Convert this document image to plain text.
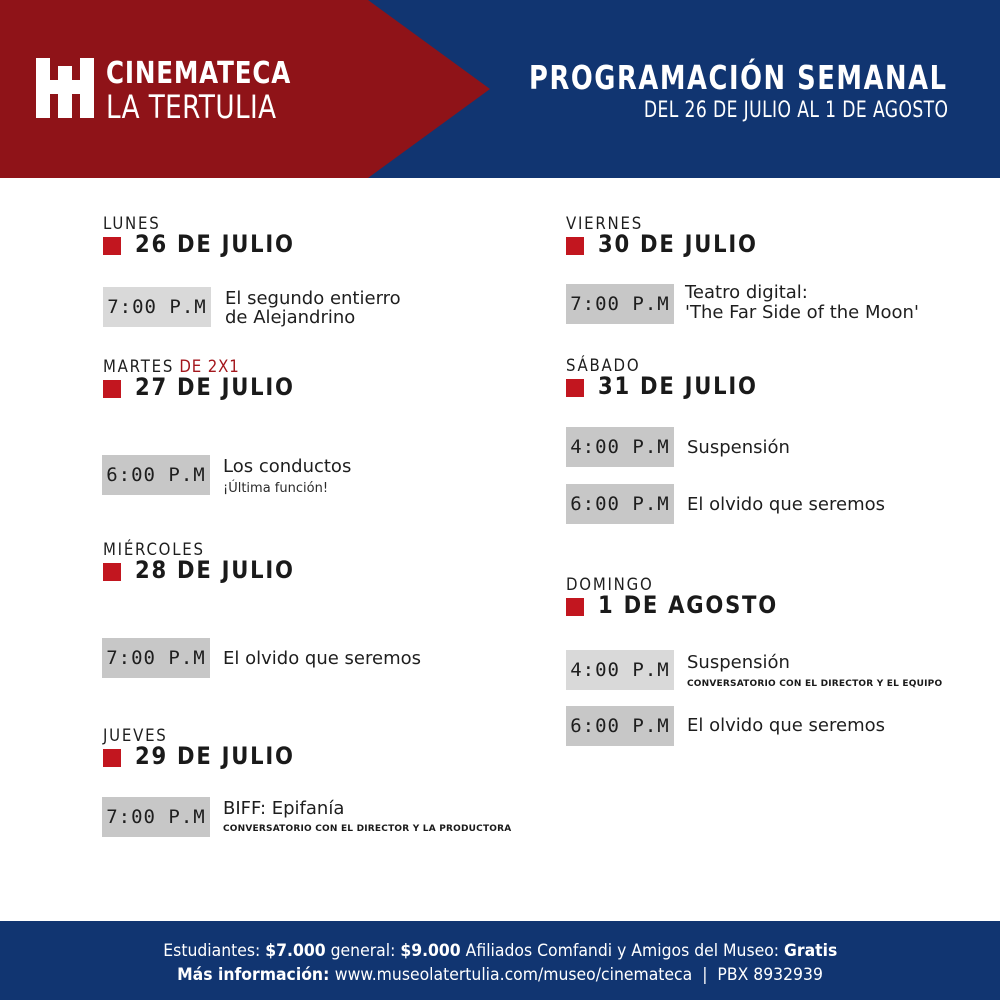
CINEMATECA
LA TERTULIA
PROGRAMACIÓN SEMANAL
DEL 26 DE JULIO AL 1 DE AGOSTO
LUNES
26 DE JULIO
7:00 P.M El segundo entierro
de Alejandrino
MARTES DE 2X1
27 DE JULIO
6:00 P.M Los conductos
¡Última función!
MIÉRCOLES
28 DE JULIO
7:00 P.M El olvido que seremos
JUEVES
29 DE JULIO
7:00 P.M BIFF: Epifanía
CONVERSATORIO CON EL DIRECTOR Y LA PRODUCTORA
VIERNES
30 DE JULIO
7:00 P.M
Teatro digital:
'The Far Side of the Moon'
SÁBADO
31 DE JULIO
4:00 P.M Suspensión
6:00 P.M El olvido que seremos
DOMINGO
1 DE AGOSTO
4:00 P.M Suspensión
CONVERSATORIO CON EL DIRECTOR Y EL EQUIPO
6:00 P.M El olvido que seremos
Estudiantes: $7.000 general: $9.000 Afiliados Comfandi y Amigos del Museo: Gratis
Más información: www.museolatertulia.com/museo/cinemateca  |  PBX 8932939
